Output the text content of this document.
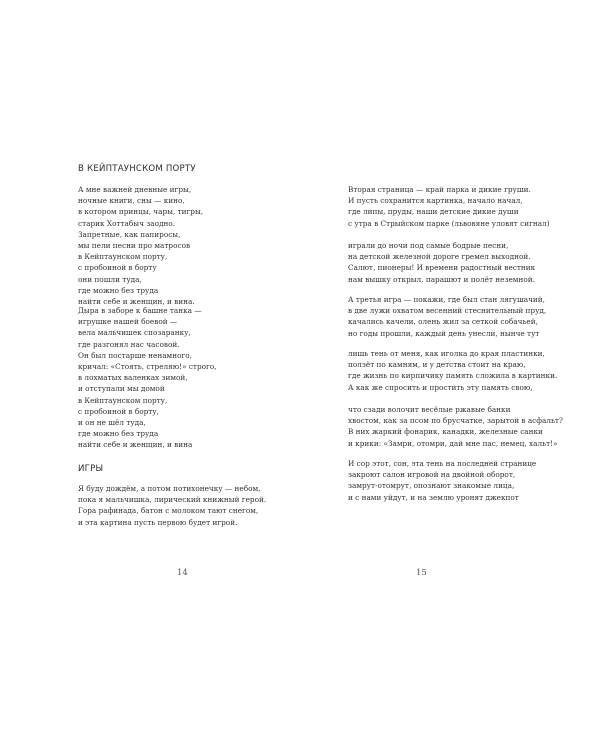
В КЕЙПТАУНСКОМ ПОРТУ
А мне важней дневные игры,
ночные книги, сны — кино,
в котором принцы, чары, тигры,
старик Хоттабыч заодно.
Запретные, как папиросы,
мы пели песни про матросов
в Кейптаунском порту,
с пробоиной в борту
они пошли туда,
где можно без труда
найти себе и женщин, и вина.
Дыра в заборе к башне танка —
игрушке нашей боевой —
вела мальчишек спозаранку,
где разгонял нас часовой.
Он был постарше ненамного,
кричал: «Стоять, стреляю!» строго,
в лохматых валенках зимой,
и отступали мы домой
в Кейптаунском порту,
с пробоиной в борту,
и он не шёл туда,
где можно без труда
найти себе и женщин, и вина
ИГРЫ
Я буду дождём, а потом потихонечку — небом,
пока я мальчишка, лирический книжный герой.
Гора рафинада, батон с молоком тают снегом,
и эта картина пусть первою будет игрой.

14

Вторая страница — край парка и дикие груши.
И пусть сохранится картинка, начало начал,
где липы, пруды, наши детские дикие души
с утра в Стрыйском парке (львовяне уловят сигнал)
играли до ночи под самые бодрые песни,
на детской железной дороге гремел выходной.
Салют, пионеры! И времени радостный вестник
нам вышку открыл, парашют и полёт неземной.
А третья игра — покажи, где был стан лягушачий,
в две лужи охватом весенний стеснительный пруд,
качались качели, олень жил за сеткой собачьей,
но годы прошли, каждый день унесли, нынче тут
лишь тень от меня, как иголка до края пластинки,
ползёт по камням, и у детства стоит на краю,
где жизнь по кирпичику память сложила в картинки.
А как же спросить и простить эту память свою,
что сзади волочит весёлые ржавые банки
хвостом, как за псом по брусчатке, зарытой в асфальт?
В них жаркий фонарик, канадки, железные санки
и крики: «Замри, отомри, дай мне пас, немец, хальт!»
И сор этот, сон, эта тень на последней странице
закроют салон игровой на двойной оборот,
замрут-отомрут, опознают знакомые лица,
и с нами уйдут, и на землю уронят джекпот

15
